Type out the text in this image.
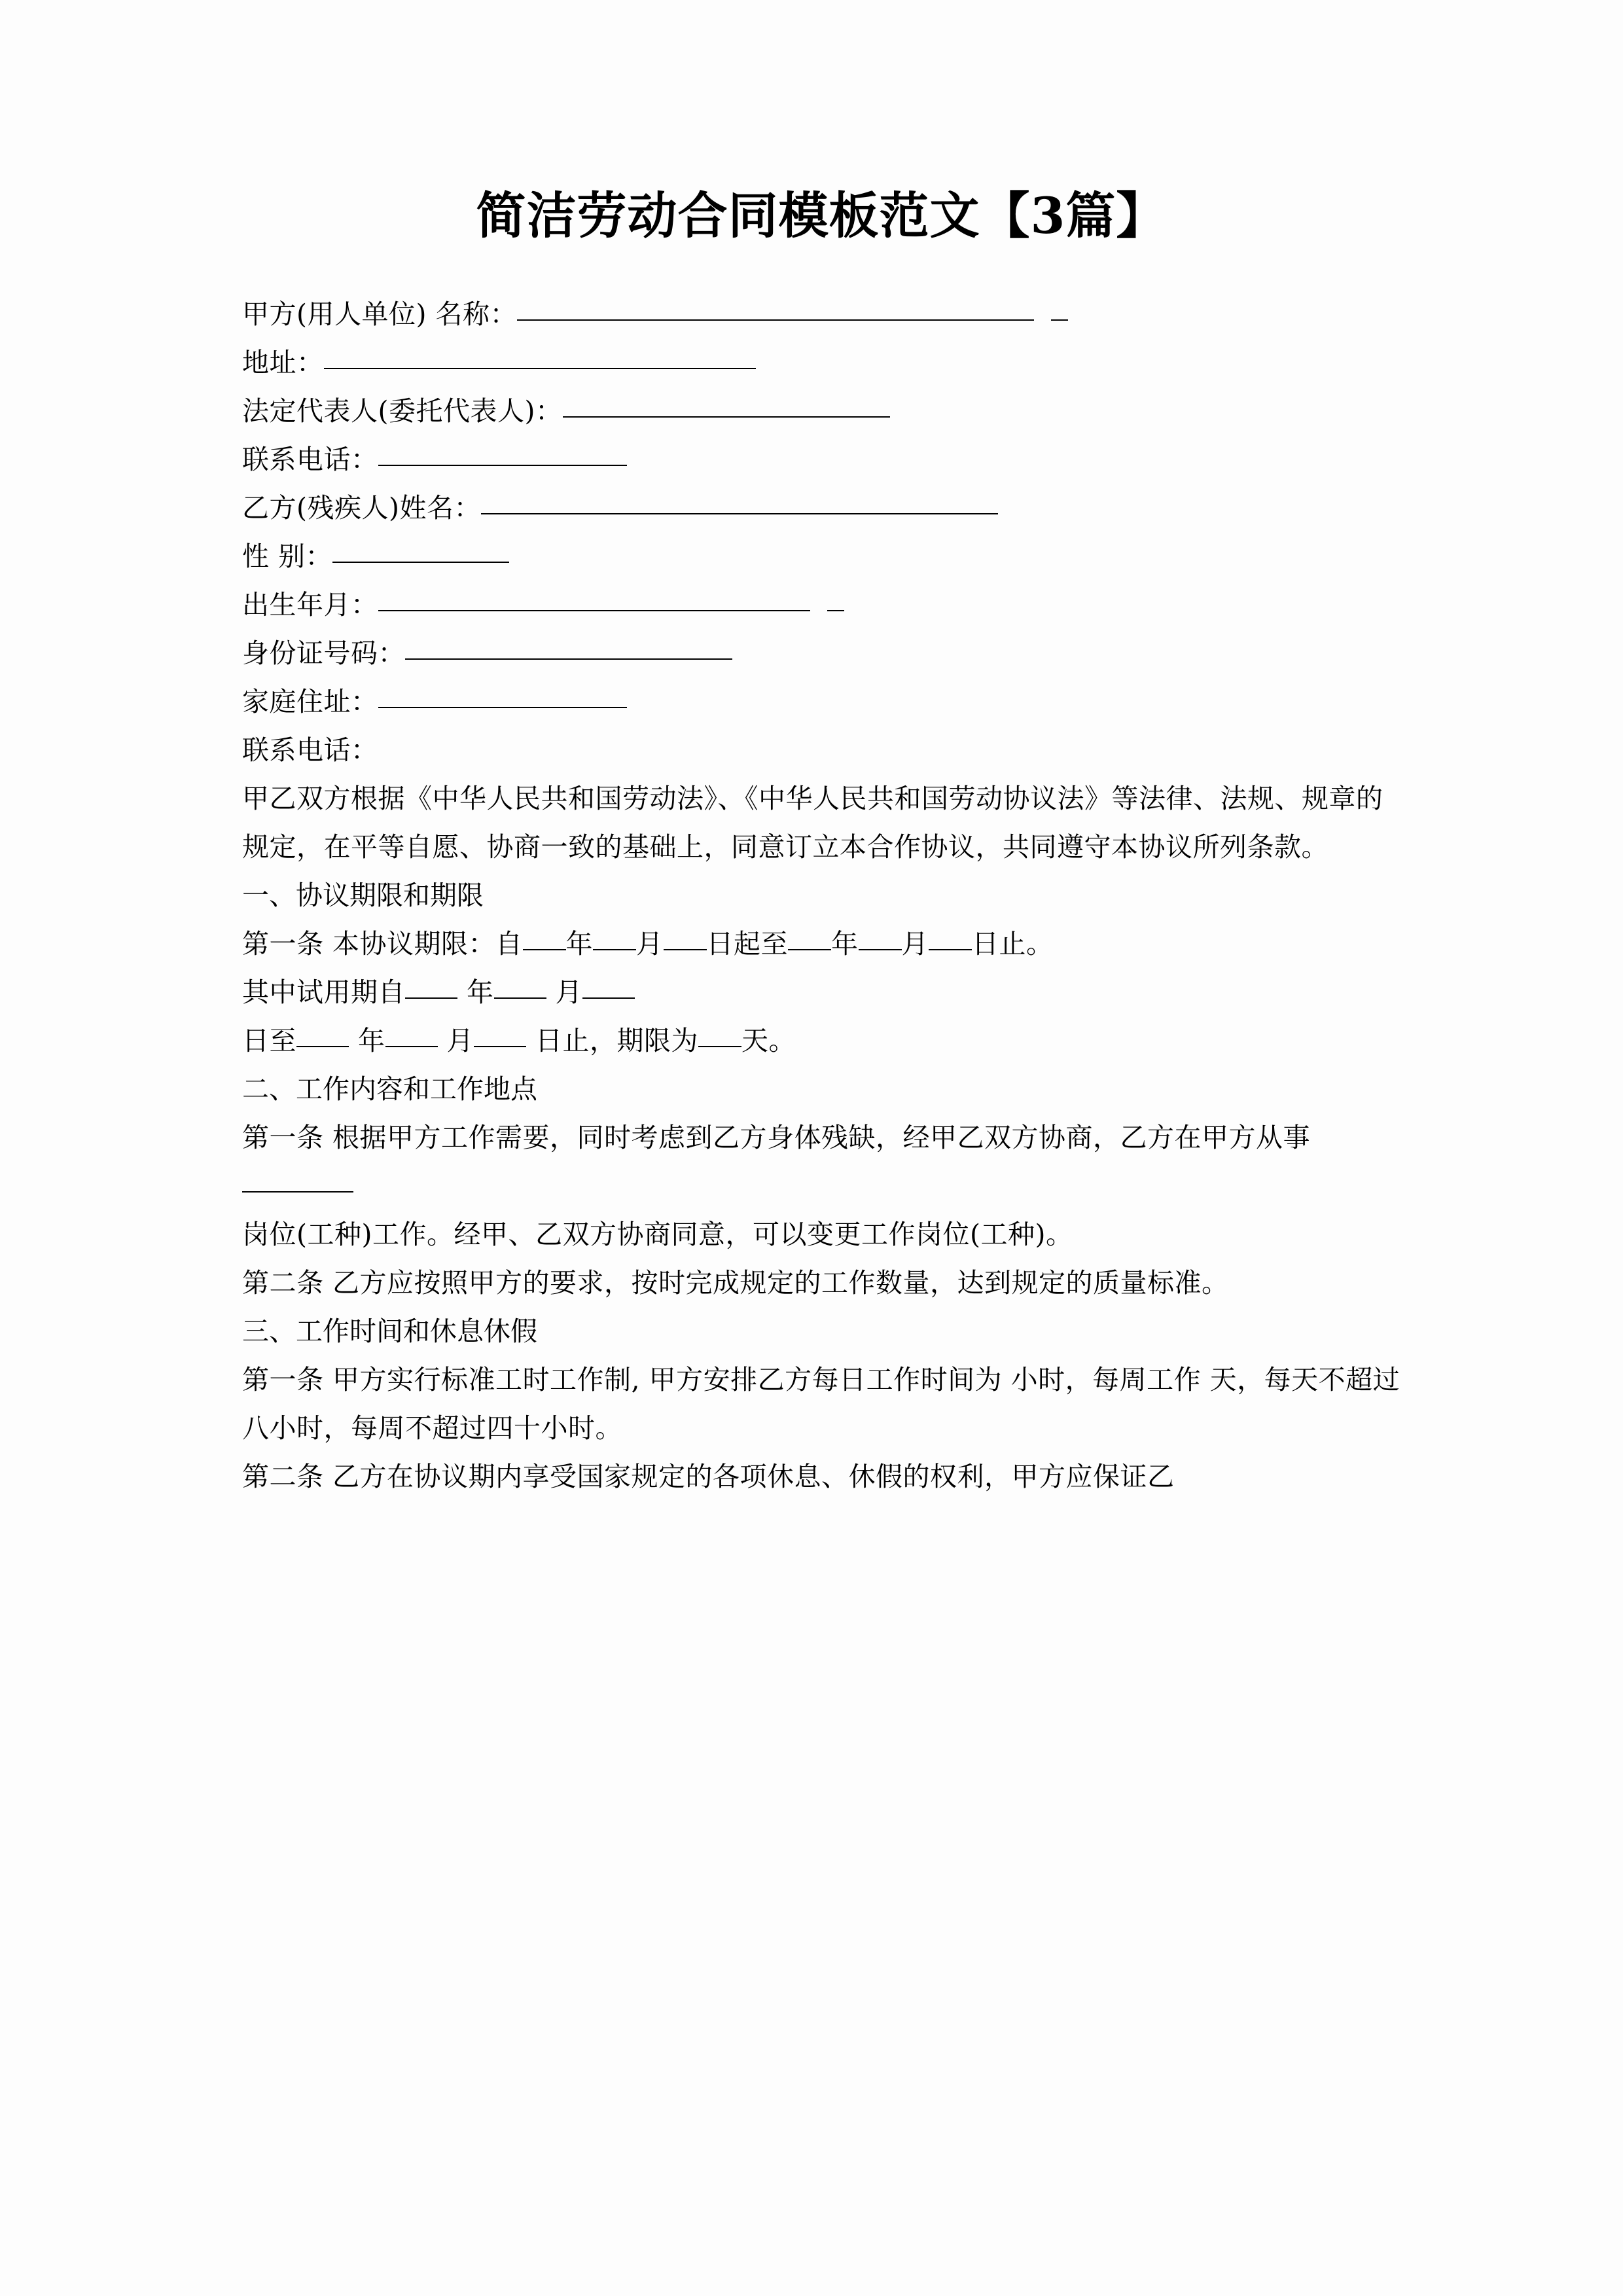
简洁劳动合同模板范文【3篇】

甲方(用人单位) 名称：

地址：

法定代表人(委托代表人)：

联系电话：

乙方(残疾人)姓名：

性 别：

出生年月：

身份证号码：

家庭住址：

联系电话：

甲乙双方根据《中华人民共和国劳动法》、《中华人民共和国劳动协议法》等法律、法规、规章的规定，在平等自愿、协商一致的基础上，同意订立本合作协议，共同遵守本协议所列条款。

一、协议期限和期限

第一条 本协议期限：自 年 月 日起至 年 月 日止。

其中试用期自 年 月

日至 年 月 日止，期限为 天。

二、工作内容和工作地点

第一条 根据甲方工作需要，同时考虑到乙方身体残缺，经甲乙双方协商，乙方在甲方从事
岗位(工种)工作。经甲、乙双方协商同意，可以变更工作岗位(工种)。

第二条 乙方应按照甲方的要求，按时完成规定的工作数量，达到规定的质量标准。

三、工作时间和休息休假

第一条 甲方实行标准工时工作制, 甲方安排乙方每日工作时间为 小时，每周工作 天，每天不超过八小时，每周不超过四十小时。

第二条 乙方在协议期内享受国家规定的各项休息、休假的权利，甲方应保证乙
